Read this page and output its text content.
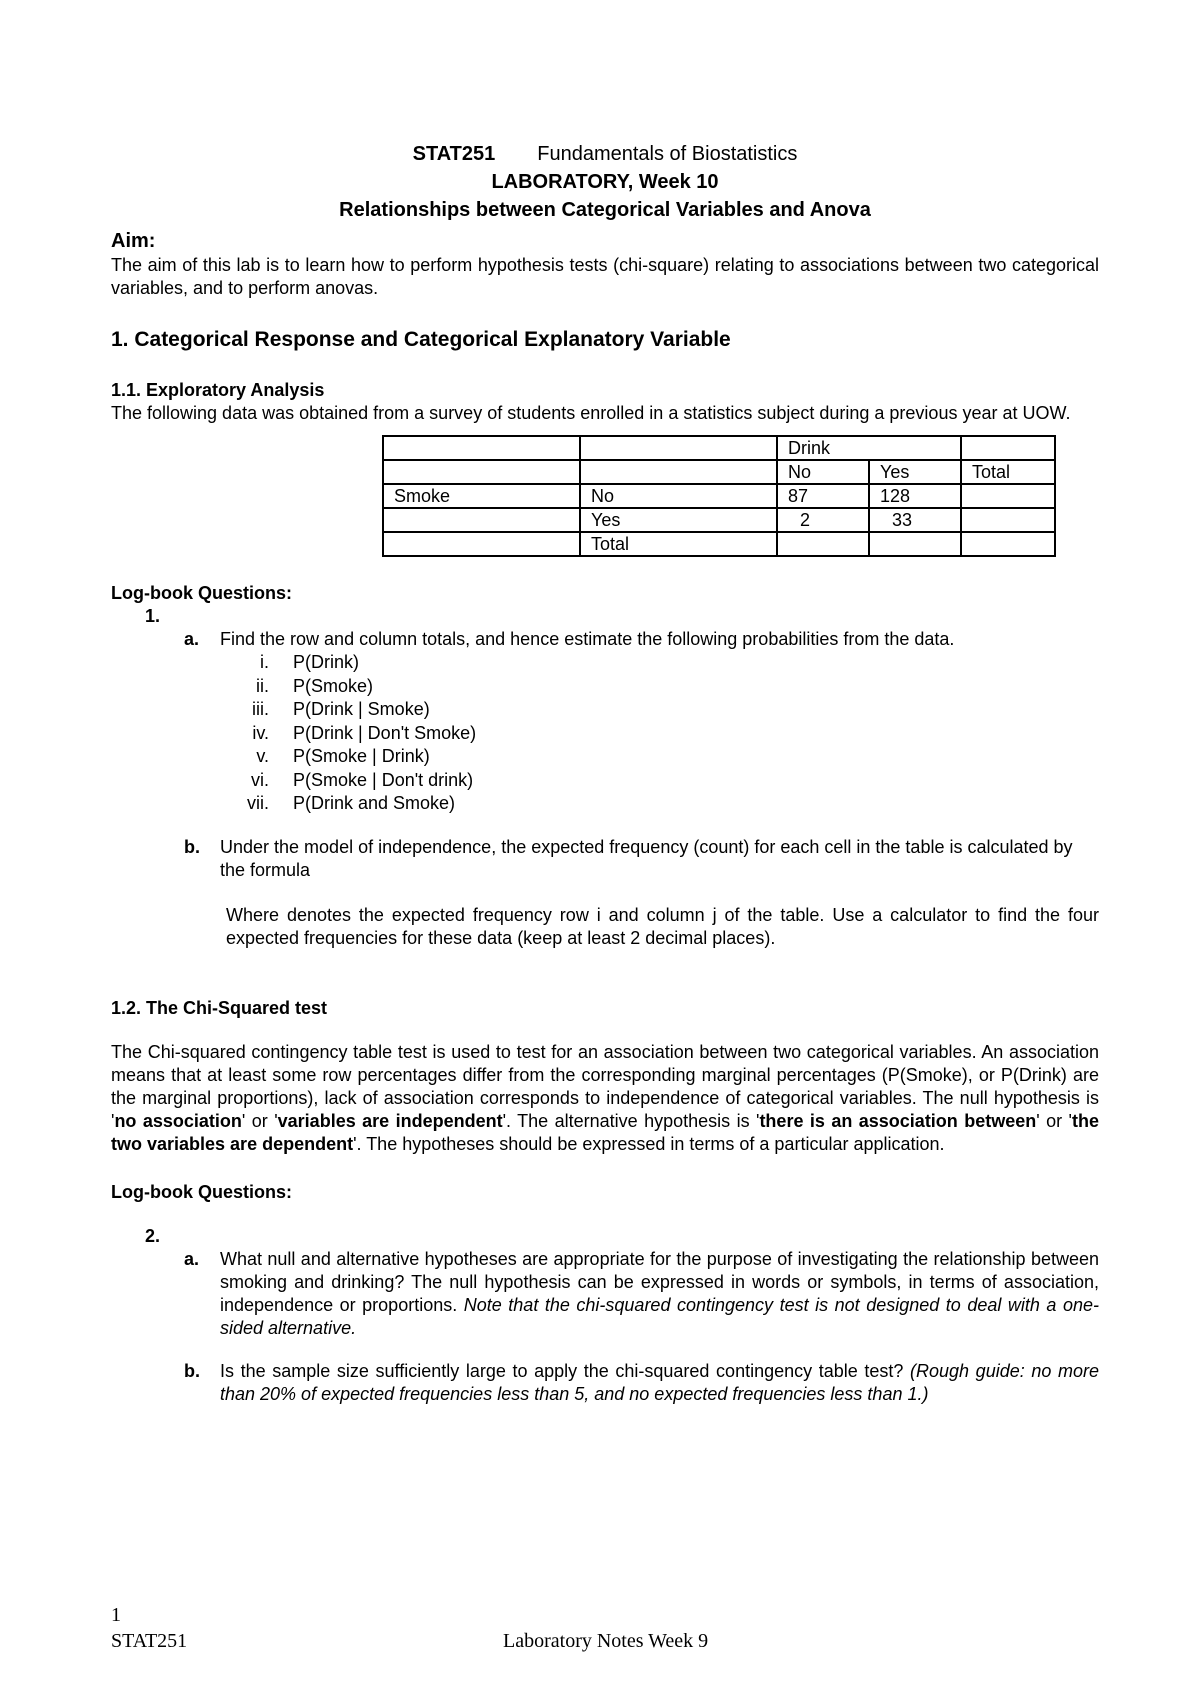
STAT251 Fundamentals of Biostatistics
LABORATORY, Week 10
Relationships between Categorical Variables and Anova
Aim:

The aim of this lab is to learn how to perform hypothesis tests (chi-square) relating to associations between two categorical variables, and to perform anovas.

1. Categorical Response and Categorical Explanatory Variable
1.1. Exploratory Analysis

The following data was obtained from a survey of students enrolled in a statistics subject during a previous year at UOW.

		Drink		
		No	Yes	Total
Smoke	No	87	128	
	Yes	2	33	
	Total			
Log-book Questions:
1.
a. Find the row and column totals, and hence estimate the following probabilities from the data.
i. P(Drink)
ii. P(Smoke)
iii. P(Drink | Smoke)
iv. P(Drink | Don't Smoke)
v. P(Smoke | Drink)
vi. P(Smoke | Don't drink)
vii. P(Drink and Smoke)
b. Under the model of independence, the expected frequency (count) for each cell in the table is calculated by the formula

Where denotes the expected frequency row i and column j of the table. Use a calculator to find the four expected frequencies for these data (keep at least 2 decimal places).

1.2. The Chi-Squared test

The Chi-squared contingency table test is used to test for an association between two categorical variables. An association means that at least some row percentages differ from the corresponding marginal percentages (P(Smoke), or P(Drink) are the marginal proportions), lack of association corresponds to independence of categorical variables. The null hypothesis is 'no association' or 'variables are independent'. The alternative hypothesis is 'there is an association between' or 'the two variables are dependent'. The hypotheses should be expressed in terms of a particular application.

Log-book Questions:
2.
a. What null and alternative hypotheses are appropriate for the purpose of investigating the relationship between smoking and drinking? The null hypothesis can be expressed in words or symbols, in terms of association, independence or proportions. Note that the chi-squared contingency test is not designed to deal with a one-sided alternative.
b. Is the sample size sufficiently large to apply the chi-squared contingency table test? (Rough guide: no more than 20% of expected frequencies less than 5, and no expected frequencies less than 1.)
1
STAT251	Laboratory Notes Week 9
